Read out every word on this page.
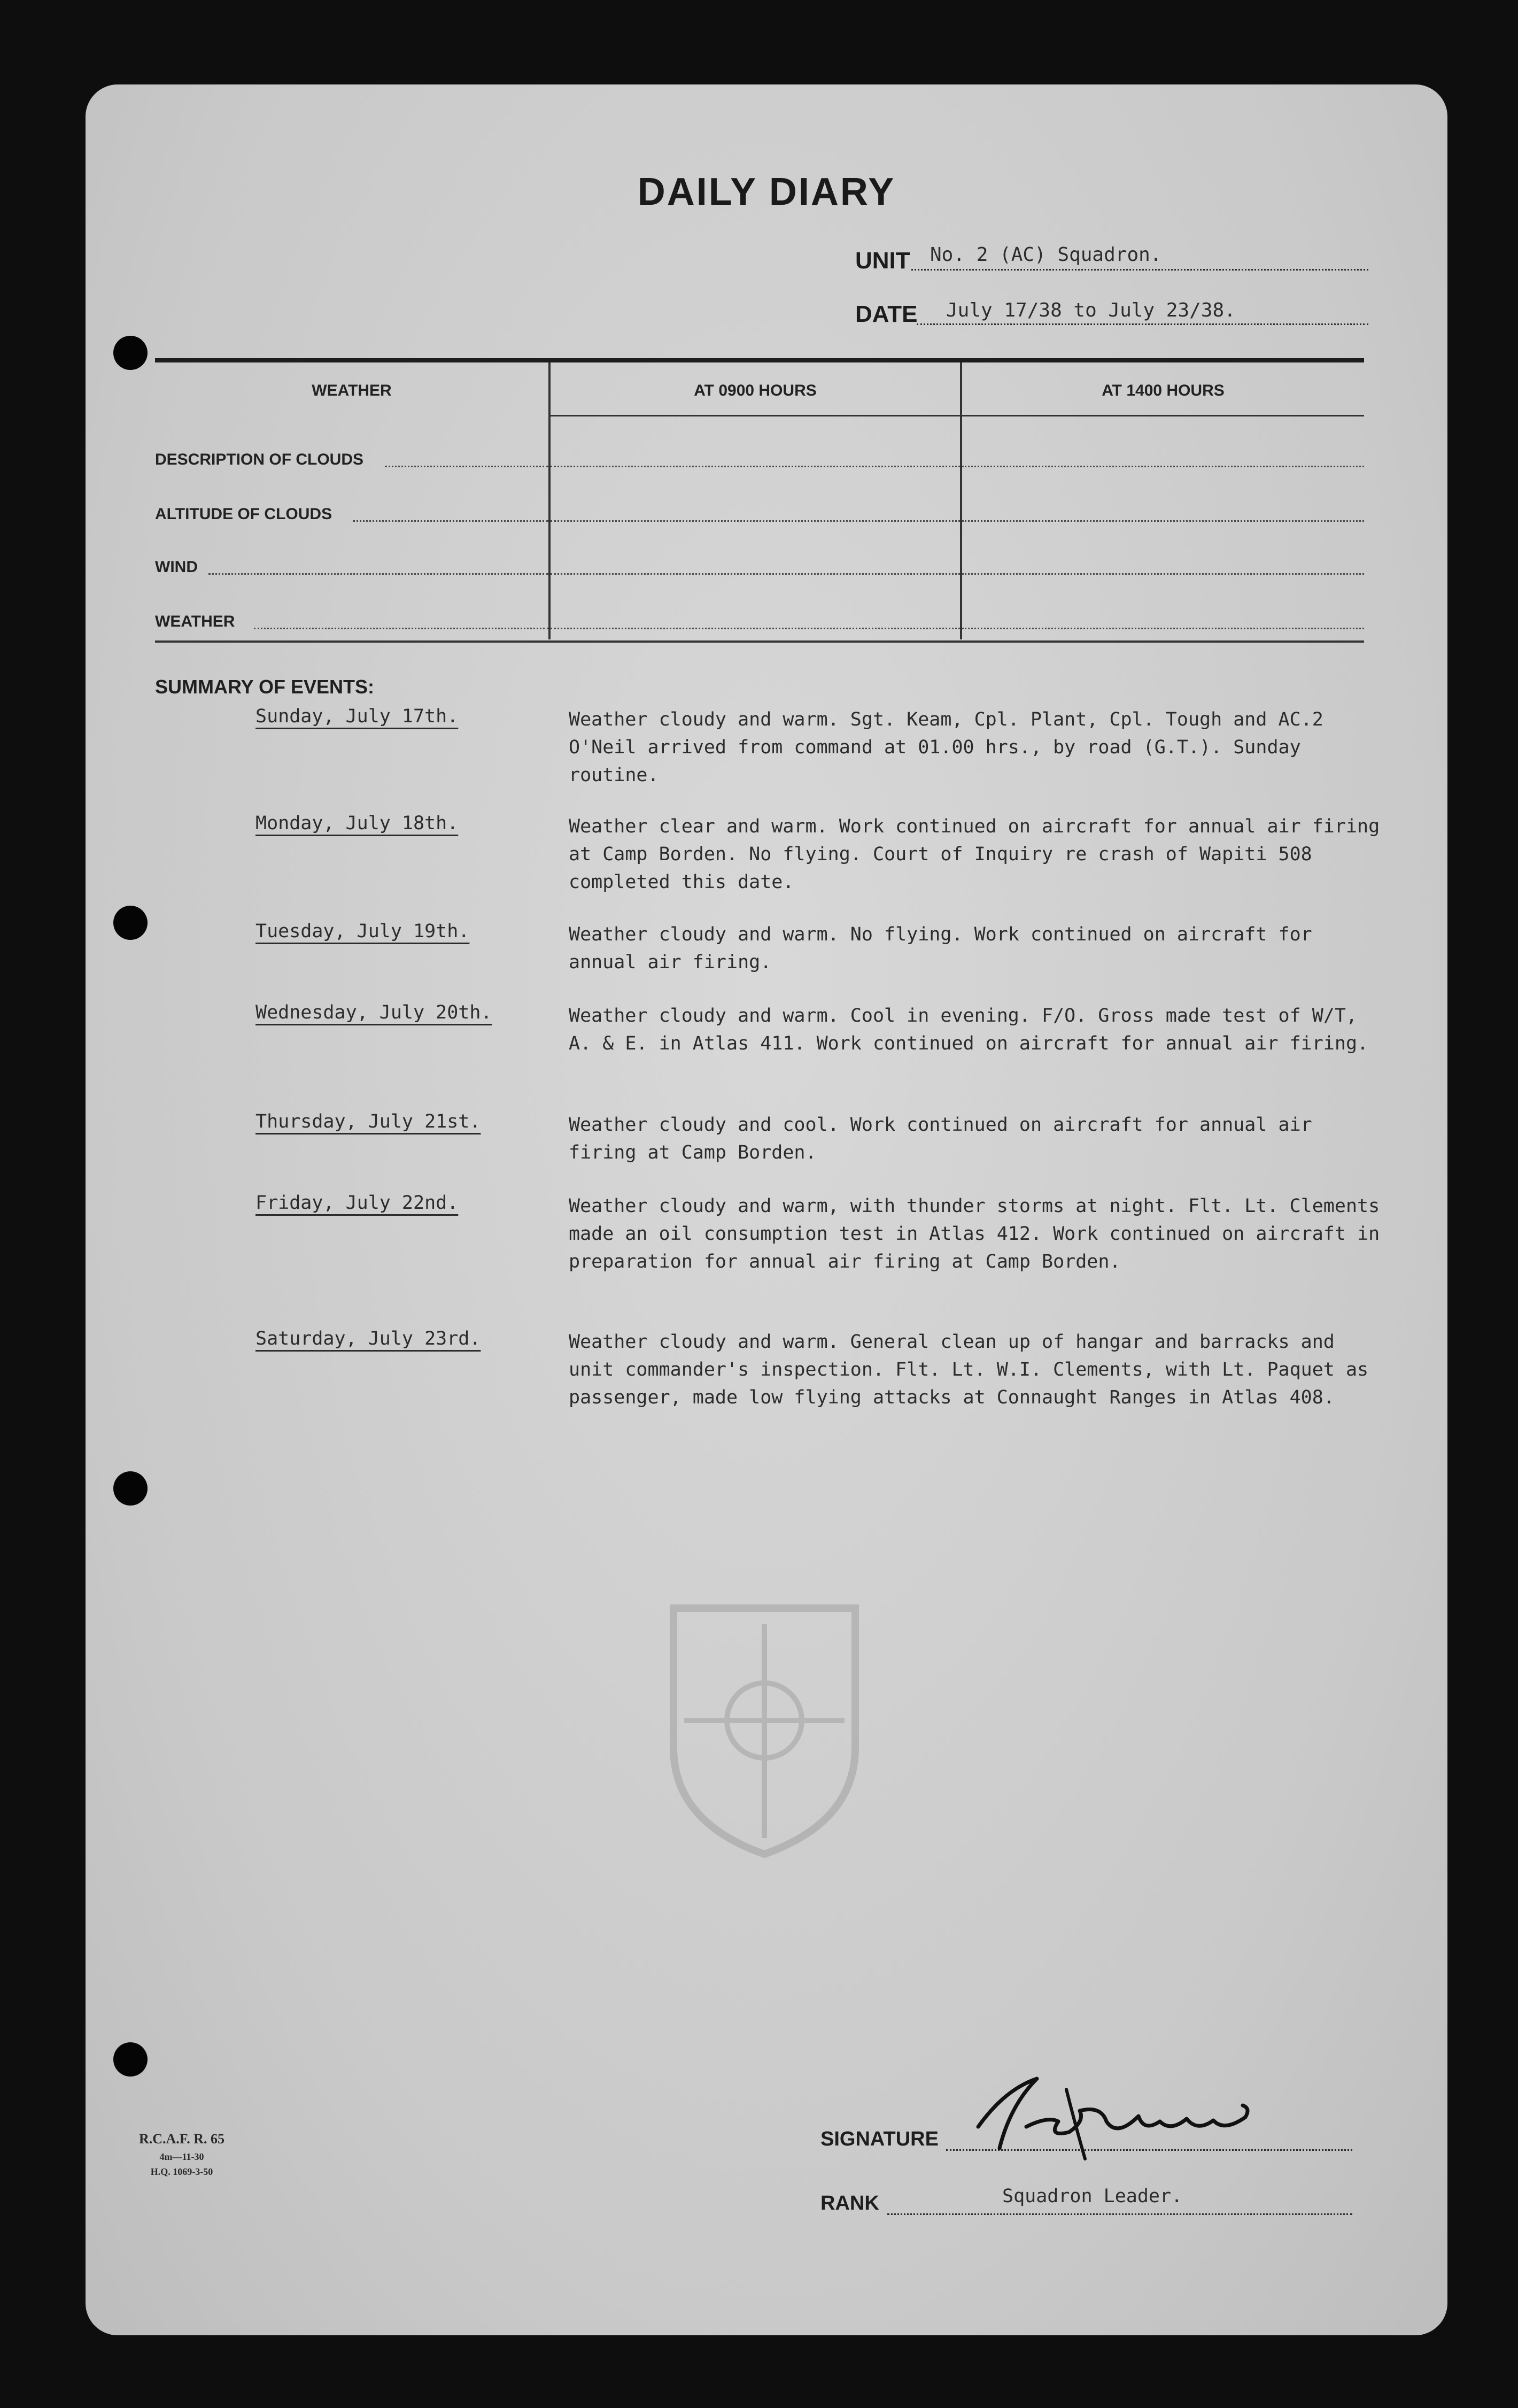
DAILY DIARY
UNIT No. 2 (AC) Squadron.
DATE July 17/38 to July 23/38.
WEATHER	AT 0900 HOURS	AT 1400 HOURS
DESCRIPTION OF CLOUDS
ALTITUDE OF CLOUDS
WIND
WEATHER
SUMMARY OF EVENTS:
Sunday, July 17th.	Weather cloudy and warm. Sgt. Keam, Cpl. Plant, Cpl. Tough and AC.2 O'Neil arrived from command at 01.00 hrs., by road (G.T.). Sunday routine.
Monday, July 18th.	Weather clear and warm. Work continued on aircraft for annual air firing at Camp Borden. No flying. Court of Inquiry re crash of Wapiti 508 completed this date.
Tuesday, July 19th.	Weather cloudy and warm. No flying. Work continued on aircraft for annual air firing.
Wednesday, July 20th.	Weather cloudy and warm. Cool in evening. F/O. Gross made test of W/T, A. & E. in Atlas 411. Work continued on aircraft for annual air firing.
Thursday, July 21st.	Weather cloudy and cool. Work continued on aircraft for annual air firing at Camp Borden.
Friday, July 22nd.	Weather cloudy and warm, with thunder storms at night. Flt. Lt. Clements made an oil consumption test in Atlas 412. Work continued on aircraft in preparation for annual air firing at Camp Borden.
Saturday, July 23rd.	Weather cloudy and warm. General clean up of hangar and barracks and unit commander's inspection. Flt. Lt. W.I. Clements, with Lt. Paquet as passenger, made low flying attacks at Connaught Ranges in Atlas 408.
R.C.A.F. R. 65
4m—11-30
H.Q. 1069-3-50
SIGNATURE
RANK	Squadron Leader.
